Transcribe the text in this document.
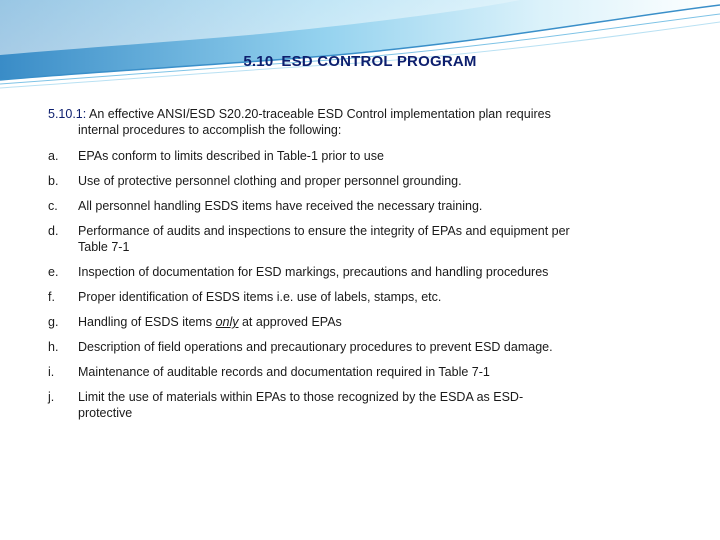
5.10 ESD CONTROL PROGRAM
5.10.1: An effective ANSI/ESD S20.20-traceable ESD Control implementation plan requires
internal procedures to accomplish the following:
a.	EPAs conform to limits described in Table-1 prior to use
b.	Use of protective personnel clothing and proper personnel grounding.
c.	All personnel handling ESDS items have received the necessary training.
d.	Performance of audits and inspections to ensure the integrity of EPAs and equipment per
Table 7-1
e.	Inspection of documentation for ESD markings, precautions and handling procedures
f.	Proper identification of ESDS items i.e. use of labels, stamps, etc.
g.	Handling of ESDS items only at approved EPAs
h.	Description of field operations and precautionary procedures to prevent ESD damage.
i.	Maintenance of auditable records and documentation required in Table 7-1
j.	Limit the use of materials within EPAs to those recognized by the ESDA as ESD-
protective
